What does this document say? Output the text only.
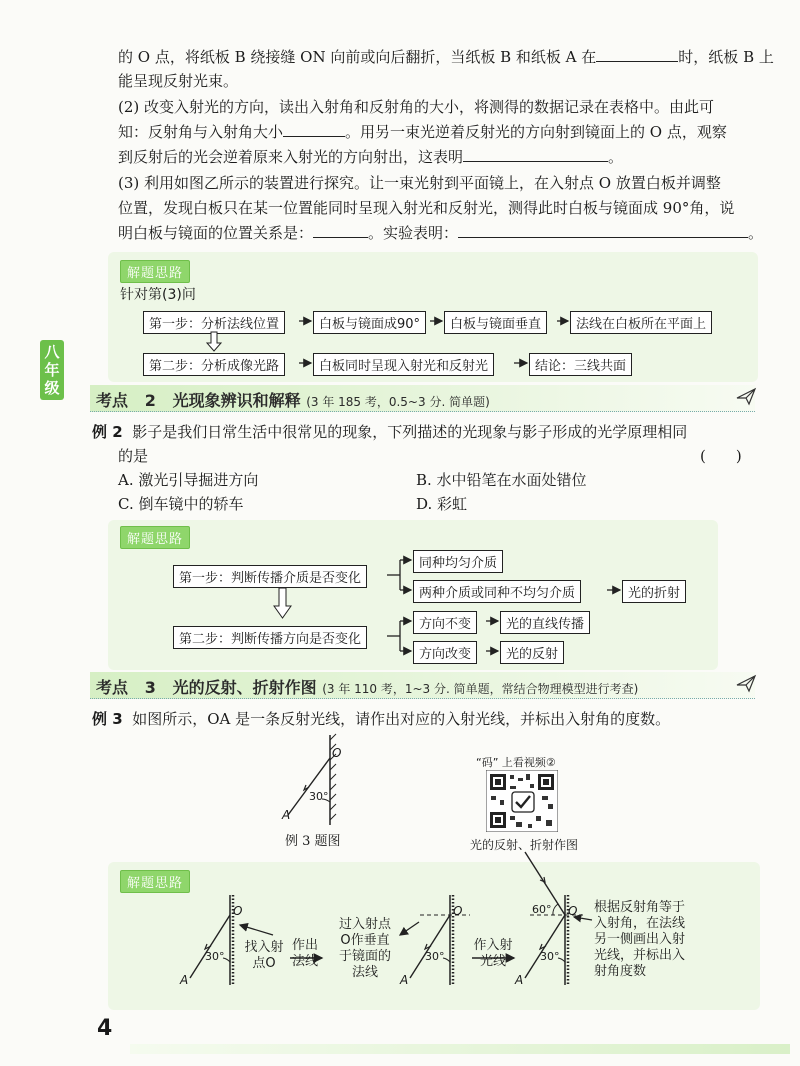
的 O 点，将纸板 B 绕接缝 ON 向前或向后翻折，当纸板 B 和纸板 A 在	时，纸板 B 上
能呈现反射光束。
(2) 改变入射光的方向，读出入射角和反射角的大小，将测得的数据记录在表格中。由此可
知：反射角与入射角大小	。用另一束光逆着反射光的方向射到镜面上的 O 点，观察
到反射后的光会逆着原来入射光的方向射出，这表明	。
(3) 利用如图乙所示的装置进行探究。让一束光射到平面镜上，在入射点 O 放置白板并调整
位置，发现白板只在某一位置能同时呈现入射光和反射光，测得此时白板与镜面成 90°角，说
明白板与镜面的位置关系是：	。实验表明：	。
解题思路
针对第(3)问
第一步：分析法线位置	白板与镜面成90°	白板与镜面垂直	法线在白板所在平面上
第二步：分析成像光路	白板同时呈现入射光和反射光	结论：三线共面
八年级
考点 2 光现象辨识和解释 (3 年 185 考，0.5~3 分. 简单题)
例 2 影子是我们日常生活中很常见的现象，下列描述的光现象与影子形成的光学原理相同
的是	(　　)
A. 激光引导掘进方向	B. 水中铅笔在水面处错位
C. 倒车镜中的轿车	D. 彩虹
解题思路
第一步：判断传播介质是否变化
同种均匀介质
两种介质或同种不均匀介质	光的折射
第二步：判断传播方向是否变化
方向不变	光的直线传播
方向改变	光的反射
考点 3 光的反射、折射作图 (3 年 110 考，1~3 分. 简单题，常结合物理模型进行考查)
例 3 如图所示，OA 是一条反射光线，请作出对应的入射光线，并标出入射角的度数。
O
A
30°
例 3 题图
“码” 上看视频②
光的反射、折射作图
解题思路
O
A
30°
O
A
30°
O
A
30°
60°
找入射点O
作出法线
过入射点O作垂直于镜面的法线
作入射光线
根据反射角等于入射角，在法线另一侧画出入射光线，并标出入射角度数
4
